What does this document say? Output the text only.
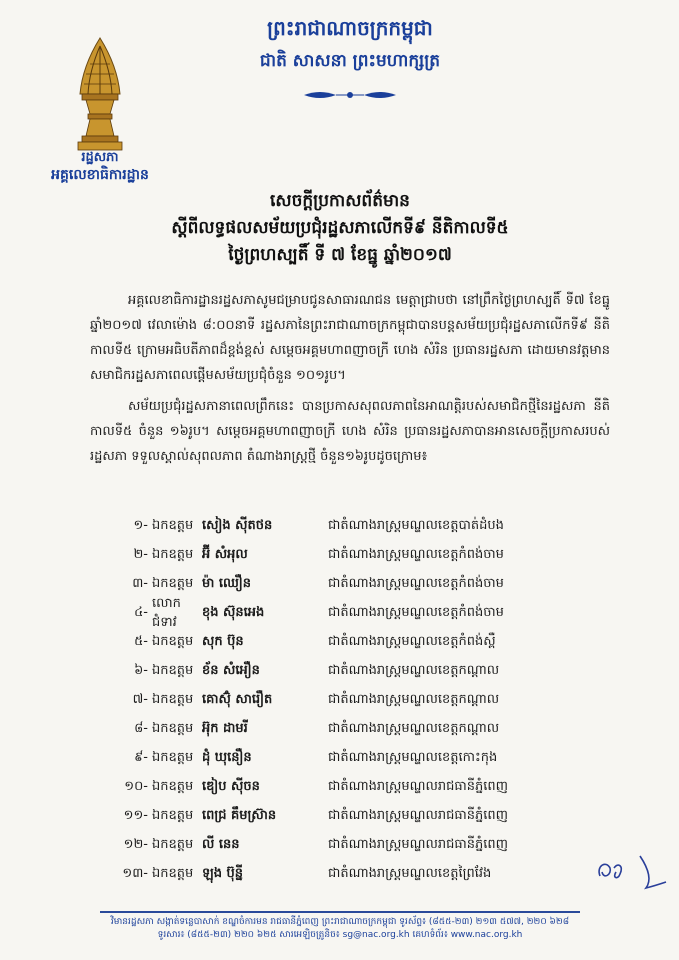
រដ្ឋសភា
អគ្គលេខាធិការដ្ឋាន
ព្រះរាជាណាចក្រកម្ពុជា
ជាតិ សាសនា ព្រះមហាក្សត្រ
សេចក្តីប្រកាសព័ត៌មាន
ស្តីពីលទ្ធផលសម័យប្រជុំរដ្ឋសភាលើកទី៩ នីតិកាលទី៥
ថ្ងៃព្រហស្បតិ៍ ទី ៧ ខែធ្នូ ឆ្នាំ២០១៧

អគ្គលេខាធិការដ្ឋានរដ្ឋសភាសូមជម្រាបជូនសាធារណជន មេត្តាជ្រាបថា នៅព្រឹកថ្ងៃព្រហស្បតិ៍ ទី៧ ខែធ្នូ ឆ្នាំ២០១៧ វេលាម៉ោង ៨:០០នាទី រដ្ឋសភានៃព្រះរាជាណាចក្រកម្ពុជាបានបន្តសម័យប្រជុំរដ្ឋសភាលើកទី៩ នីតិកាលទី៥ ក្រោមអធិបតីភាពដ៏ខ្ពង់ខ្ពស់ សម្តេចអគ្គមហាពញាចក្រី ហេង សំរិន ប្រធានរដ្ឋសភា ដោយមានវត្តមាន សមាជិករដ្ឋសភាពេលផ្តើមសម័យប្រជុំចំនួន ១០១រូប។

សម័យប្រជុំរដ្ឋសភានាពេលព្រឹកនេះ បានប្រកាសសុពលភាពនៃអាណត្តិរបស់សមាជិកថ្មីនៃរដ្ឋសភា នីតិកាលទី៥ ចំនួន ១៦រូប។ សម្តេចអគ្គមហាពញាចក្រី ហេង សំរិន ប្រធានរដ្ឋសភាបានអានសេចក្តីប្រកាសរបស់រដ្ឋសភា ទទួលស្គាល់សុពលភាព តំណាងរាស្ត្រថ្មី ចំនួន១៦រូបដូចក្រោម៖

១- ឯកឧត្តម សៀង ស៊ីតថន	ជាតំណាងរាស្ត្រមណ្ឌលខេត្តបាត់ដំបង
២- ឯកឧត្តម អ៊ី សំអុល	ជាតំណាងរាស្ត្រមណ្ឌលខេត្តកំពង់ចាម
៣- ឯកឧត្តម ម៉ា ឈឿន	ជាតំណាងរាស្ត្រមណ្ឌលខេត្តកំពង់ចាម
៤-
លោកជំទាវ
ខុង ស៊ុនអេង	ជាតំណាងរាស្ត្រមណ្ឌលខេត្តកំពង់ចាម
៥- ឯកឧត្តម សុក ប៊ុន	ជាតំណាងរាស្ត្រមណ្ឌលខេត្តកំពង់ស្ពឺ
៦- ឯកឧត្តម ខ័ន សំអឿន	ជាតំណាងរាស្ត្រមណ្ឌលខេត្តកណ្តាល
៧- ឯកឧត្តម គោស៊ុំ សារឿត	ជាតំណាងរាស្ត្រមណ្ឌលខេត្តកណ្តាល
៨- ឯកឧត្តម អ៊ុក ដាមរី	ជាតំណាងរាស្ត្រមណ្ឌលខេត្តកណ្តាល
៩- ឯកឧត្តម ដុំ ឃុនឿន	ជាតំណាងរាស្ត្រមណ្ឌលខេត្តកោះកុង
១០- ឯកឧត្តម ឌៀប ស៊ីចន	ជាតំណាងរាស្ត្រមណ្ឌលរាជធានីភ្នំពេញ
១១- ឯកឧត្តម ពេជ្រ គឹមស្រ៊ាន	ជាតំណាងរាស្ត្រមណ្ឌលរាជធានីភ្នំពេញ
១២- ឯកឧត្តម លី នេន	ជាតំណាងរាស្ត្រមណ្ឌលរាជធានីភ្នំពេញ
១៣- ឯកឧត្តម ឡុង ប៊ុន្នី	ជាតំណាងរាស្ត្រមណ្ឌលខេត្តព្រៃវែង
វិមានរដ្ឋសភា សង្កាត់ទន្លេបាសាក់ ខណ្ឌចំការមន រាជធានីភ្នំពេញ ព្រះរាជាណាចក្រកម្ពុជា ទូរស័ព្ទ៖ (៨៥៥-២៣) ២១៣ ៥៧៧, ២២០ ៦២៨
ទូរសារ៖ (៨៥៥-២៣) ២២០ ៦២៥ សារអេឡិចត្រូនិច៖ sg@nac.org.kh គេហទំព័រ៖ www.nac.org.kh
